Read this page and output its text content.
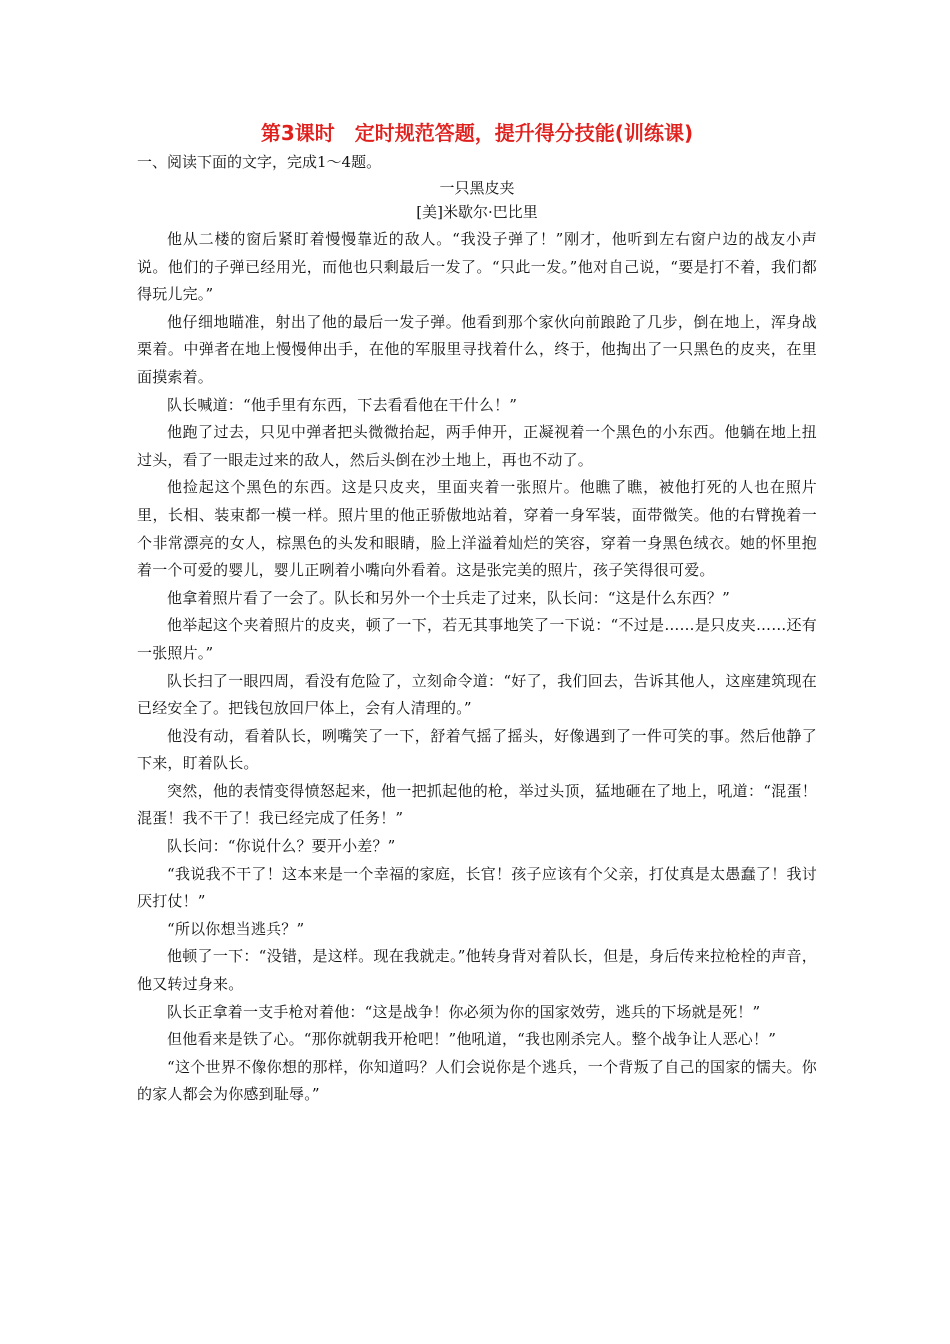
第3课时　定时规范答题，提升得分技能(训练课)
一、阅读下面的文字，完成1～4题。
一只黑皮夹
[美]米歇尔·巴比里

他从二楼的窗后紧盯着慢慢靠近的敌人。“我没子弹了！”刚才，他听到左右窗户边的战友小声说。他们的子弹已经用光，而他也只剩最后一发了。“只此一发。”他对自己说，“要是打不着，我们都得玩儿完。”

他仔细地瞄准，射出了他的最后一发子弹。他看到那个家伙向前踉跄了几步，倒在地上，浑身战栗着。中弹者在地上慢慢伸出手，在他的军服里寻找着什么，终于，他掏出了一只黑色的皮夹，在里面摸索着。

队长喊道：“他手里有东西，下去看看他在干什么！”

他跑了过去，只见中弹者把头微微抬起，两手伸开，正凝视着一个黑色的小东西。他躺在地上扭过头，看了一眼走过来的敌人，然后头倒在沙土地上，再也不动了。

他捡起这个黑色的东西。这是只皮夹，里面夹着一张照片。他瞧了瞧，被他打死的人也在照片里，长相、装束都一模一样。照片里的他正骄傲地站着，穿着一身军装，面带微笑。他的右臂挽着一个非常漂亮的女人，棕黑色的头发和眼睛，脸上洋溢着灿烂的笑容，穿着一身黑色绒衣。她的怀里抱着一个可爱的婴儿，婴儿正咧着小嘴向外看着。这是张完美的照片，孩子笑得很可爱。

他拿着照片看了一会了。队长和另外一个士兵走了过来，队长问：“这是什么东西？”

他举起这个夹着照片的皮夹，顿了一下，若无其事地笑了一下说：“不过是……是只皮夹……还有一张照片。”

队长扫了一眼四周，看没有危险了，立刻命令道：“好了，我们回去，告诉其他人，这座建筑现在已经安全了。把钱包放回尸体上，会有人清理的。”

他没有动，看着队长，咧嘴笑了一下，舒着气摇了摇头，好像遇到了一件可笑的事。然后他静了下来，盯着队长。

突然，他的表情变得愤怒起来，他一把抓起他的枪，举过头顶，猛地砸在了地上，吼道：“混蛋！混蛋！我不干了！我已经完成了任务！”

队长问：“你说什么？要开小差？”

“我说我不干了！这本来是一个幸福的家庭，长官！孩子应该有个父亲，打仗真是太愚蠢了！我讨厌打仗！”

“所以你想当逃兵？”

他顿了一下：“没错，是这样。现在我就走。”他转身背对着队长，但是，身后传来拉枪栓的声音，他又转过身来。

队长正拿着一支手枪对着他：“这是战争！你必须为你的国家效劳，逃兵的下场就是死！”

但他看来是铁了心。“那你就朝我开枪吧！”他吼道，“我也刚杀完人。整个战争让人恶心！”

“这个世界不像你想的那样，你知道吗？人们会说你是个逃兵，一个背叛了自己的国家的懦夫。你的家人都会为你感到耻辱。”
